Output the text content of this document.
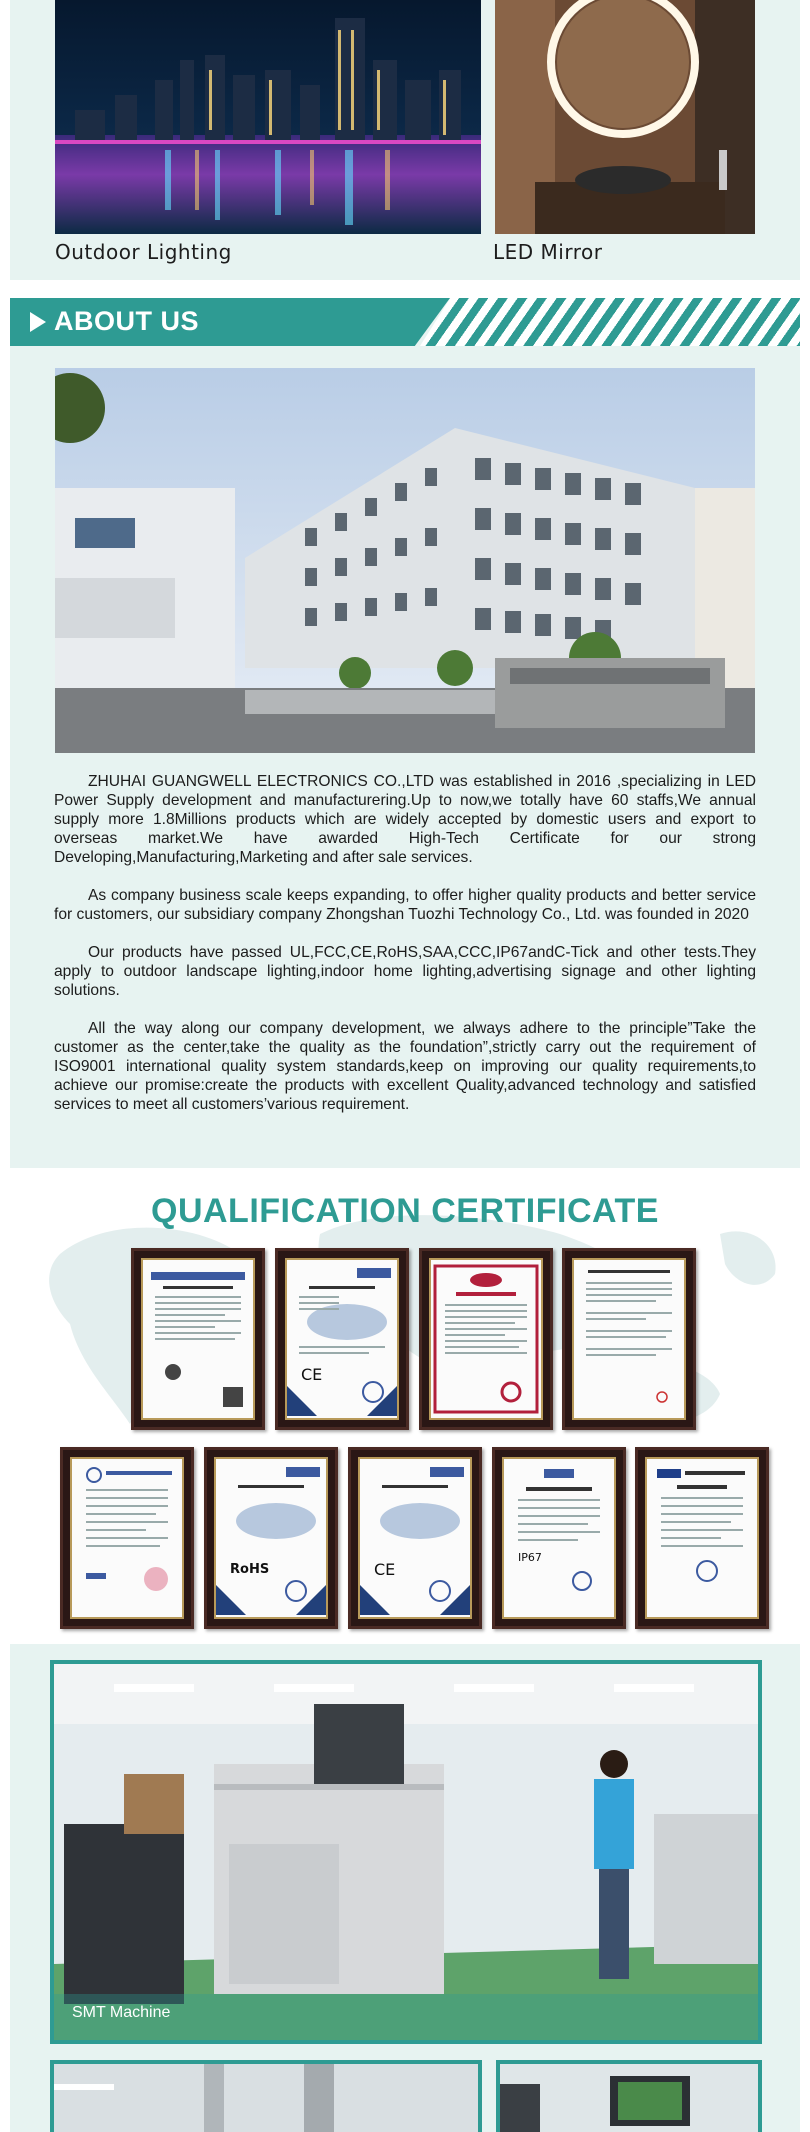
Outdoor Lighting	LED Mirror
ABOUT US

ZHUHAI GUANGWELL ELECTRONICS CO.,LTD was established in 2016 ,specializing in LED Power Supply development and manufacturering.Up to now,we totally have 60 staffs,We annual supply more 1.8Millions products which are widely accepted by domestic users and export to overseas market.We have awarded High-Tech Certificate for our strong Developing,Manufacturing,Marketing and after sale services.

As company business scale keeps expanding, to offer higher quality products and better service for customers, our subsidiary company Zhongshan Tuozhi Technology Co., Ltd. was founded in 2020

Our products have passed UL,FCC,CE,RoHS,SAA,CCC,IP67andC-Tick and other tests.They apply to outdoor landscape lighting,indoor home lighting,advertising signage and other lighting solutions.

All the way along our company development, we always adhere to the principle”Take the customer as the center,take the quality as the foundation”,strictly carry out the requirement of ISO9001 international quality system standards,keep on improving our quality requirements,to achieve our promise:create the products with excellent Quality,advanced technology and satisfied services to meet all customers’various requirement.

QUALIFICATION CERTIFICATE
CE
RoHS	CE
IP67
SMT Machine
